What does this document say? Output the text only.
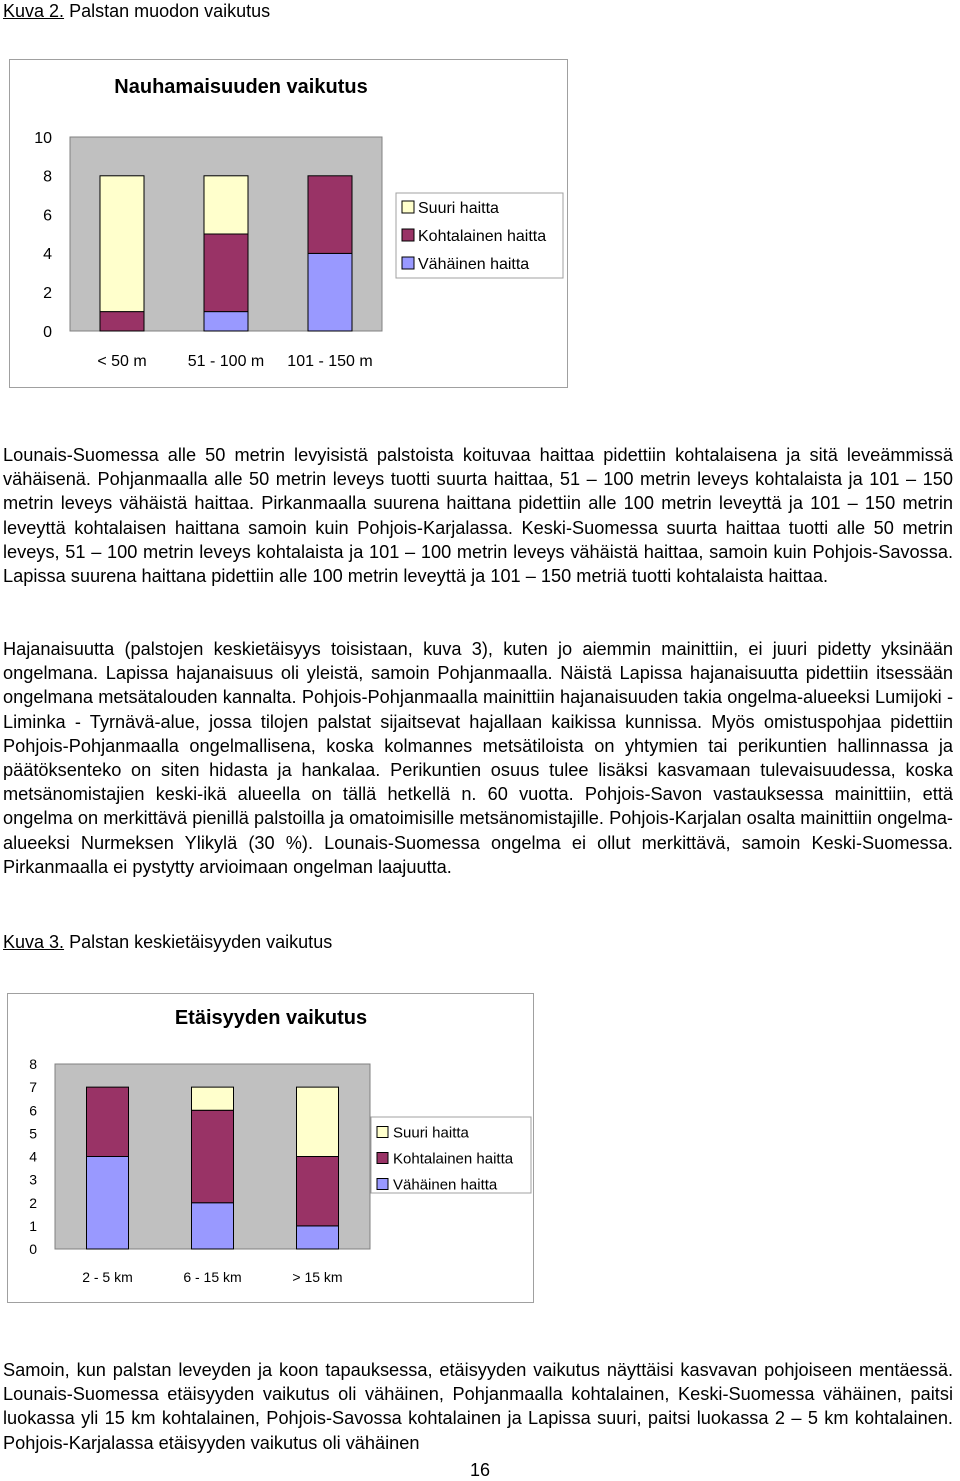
Kuva 2. Palstan muodon vaikutus
Nauhamaisuuden vaikutus
10
8
6
4
2
0
< 50 m	51 - 100 m 101 - 150 m
Suuri haitta
Kohtalainen haitta
Vähäinen haitta
Lounais-Suomessa alle 50 metrin levyisistä palstoista koituvaa haittaa pidettiin kohtalaisena ja sitä leveämmissä vähäisenä. Pohjanmaalla alle 50 metrin leveys tuotti suurta haittaa, 51 – 100 metrin leveys kohtalaista ja 101 – 150 metrin leveys vähäistä haittaa. Pirkanmaalla suurena haittana pidettiin alle 100 metrin leveyttä ja 101 – 150 metrin leveyttä kohtalaisen haittana samoin kuin Pohjois-Karjalassa. Keski-Suomessa suurta haittaa tuotti alle 50 metrin leveys, 51 – 100 metrin leveys kohtalaista ja 101 – 100 metrin leveys vähäistä haittaa, samoin kuin Pohjois-Savossa. Lapissa suurena haittana pidettiin alle 100 metrin leveyttä ja 101 – 150 metriä tuotti kohtalaista haittaa.
Hajanaisuutta (palstojen keskietäisyys toisistaan, kuva 3), kuten jo aiemmin mainittiin, ei juuri pidetty yksinään ongelmana. Lapissa hajanaisuus oli yleistä, samoin Pohjanmaalla. Näistä Lapissa hajanaisuutta pidettiin itsessään ongelmana metsätalouden kannalta. Pohjois-Pohjanmaalla mainittiin hajanaisuuden takia ongelma-alueeksi Lumijoki - Liminka - Tyrnävä-alue, jossa tilojen palstat sijaitsevat hajallaan kaikissa kunnissa. Myös omistuspohjaa pidettiin Pohjois-Pohjanmaalla ongelmallisena, koska kolmannes metsätiloista on yhtymien tai perikuntien hallinnassa ja päätöksenteko on siten hidasta ja hankalaa. Perikuntien osuus tulee lisäksi kasvamaan tulevaisuudessa, koska metsänomistajien keski-ikä alueella on tällä hetkellä n. 60 vuotta. Pohjois-Savon vastauksessa mainittiin, että ongelma on merkittävä pienillä palstoilla ja omatoimisille metsänomistajille. Pohjois-Karjalan osalta mainittiin ongelma-alueeksi Nurmeksen Ylikylä (30 %). Lounais-Suomessa ongelma ei ollut merkittävä, samoin Keski-Suomessa. Pirkanmaalla ei pystytty arvioimaan ongelman laajuutta.
Kuva 3. Palstan keskietäisyyden vaikutus
Etäisyyden vaikutus
8
7
6
5
4
3
2
1
0
2 - 5 km	6 - 15 km	> 15 km
Suuri haitta
Kohtalainen haitta
Vähäinen haitta
Samoin, kun palstan leveyden ja koon tapauksessa, etäisyyden vaikutus näyttäisi kasvavan pohjoiseen mentäessä. Lounais-Suomessa etäisyyden vaikutus oli vähäinen, Pohjanmaalla kohtalainen, Keski-Suomessa vähäinen, paitsi luokassa yli 15 km kohtalainen, Pohjois-Savossa kohtalainen ja Lapissa suuri, paitsi luokassa 2 – 5 km kohtalainen. Pohjois-Karjalassa etäisyyden vaikutus oli vähäinen
16
